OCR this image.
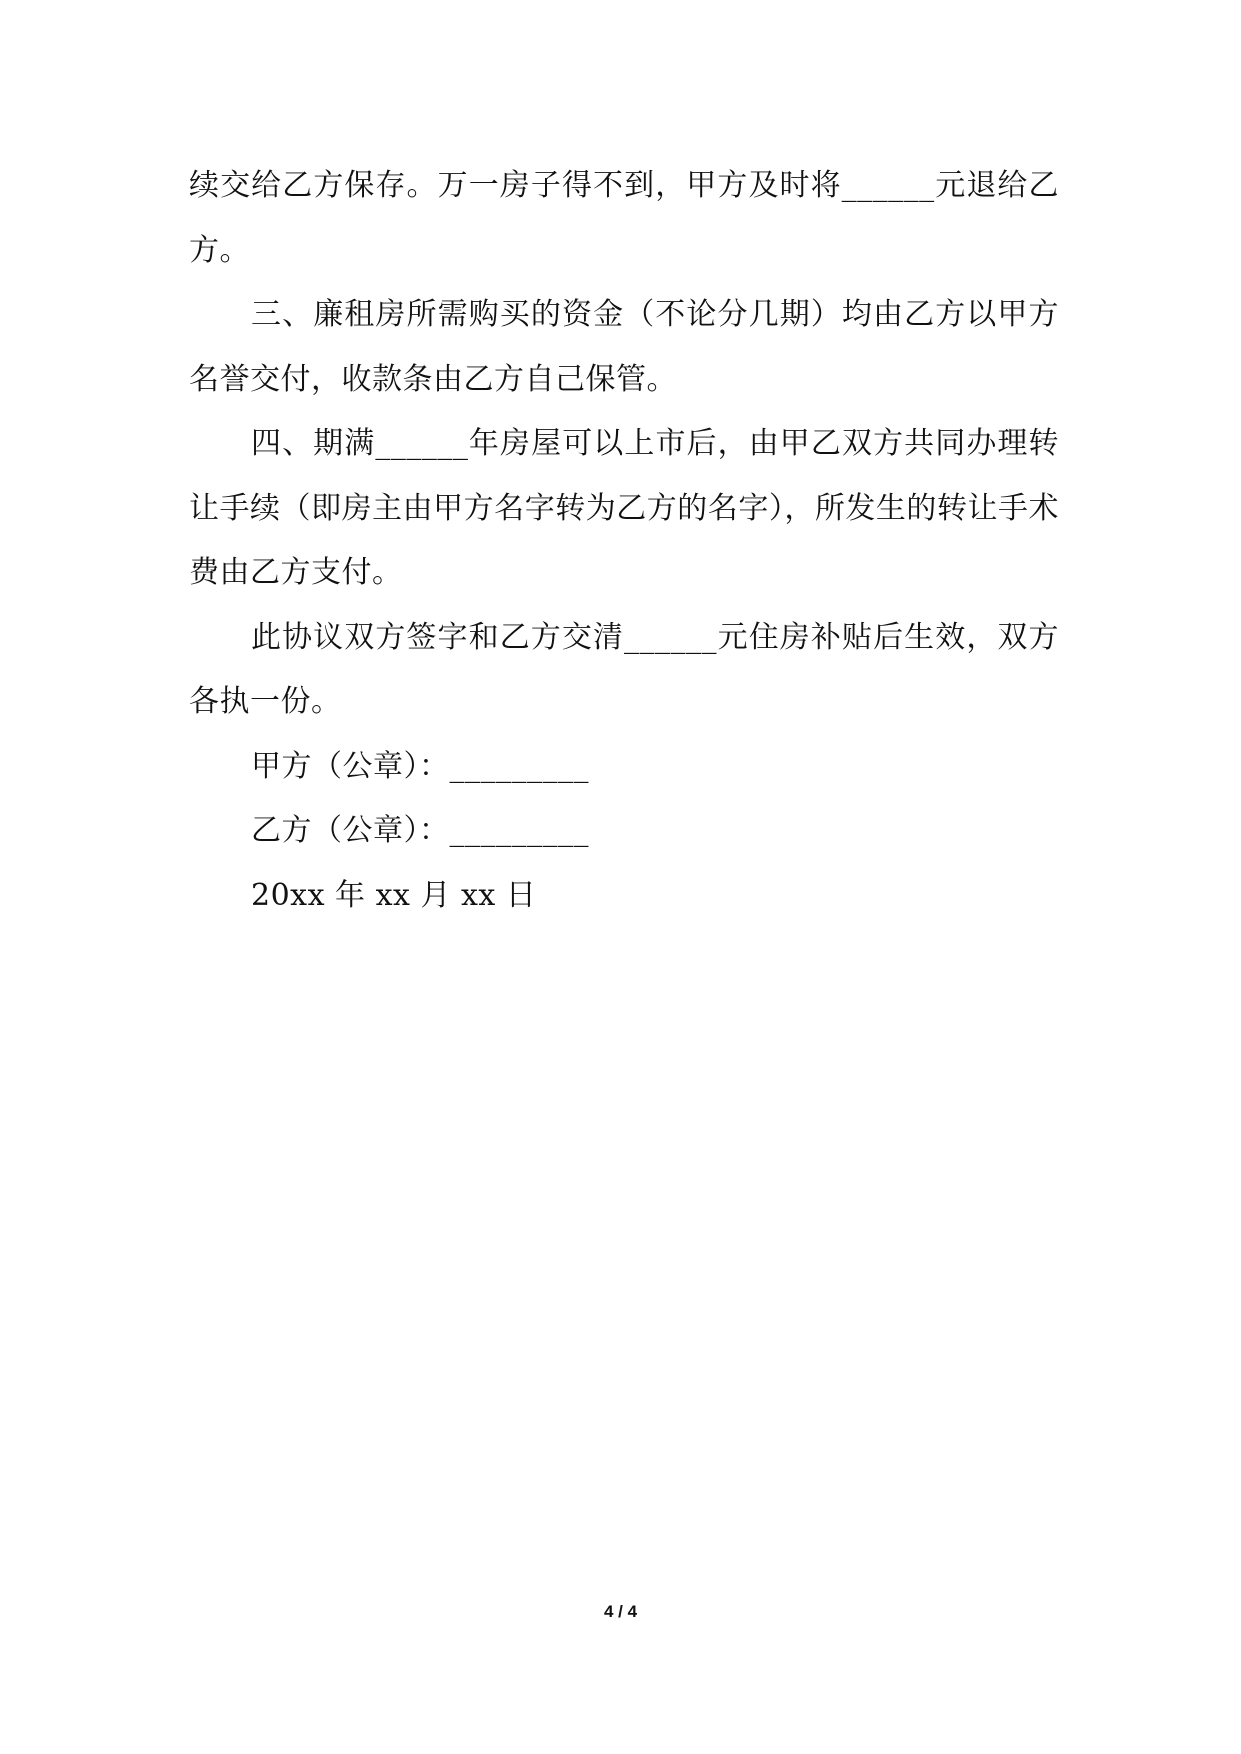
续交给乙方保存。万一房子得不到，甲方及时将______元退给乙方。

三、廉租房所需购买的资金（不论分几期）均由乙方以甲方名誉交付，收款条由乙方自己保管。

四、期满______年房屋可以上市后，由甲乙双方共同办理转让手续（即房主由甲方名字转为乙方的名字），所发生的转让手术费由乙方支付。

此协议双方签字和乙方交清______元住房补贴后生效，双方各执一份。

甲方（公章）：_________

乙方（公章）：_________

20xx 年 xx 月 xx 日

4 / 4
